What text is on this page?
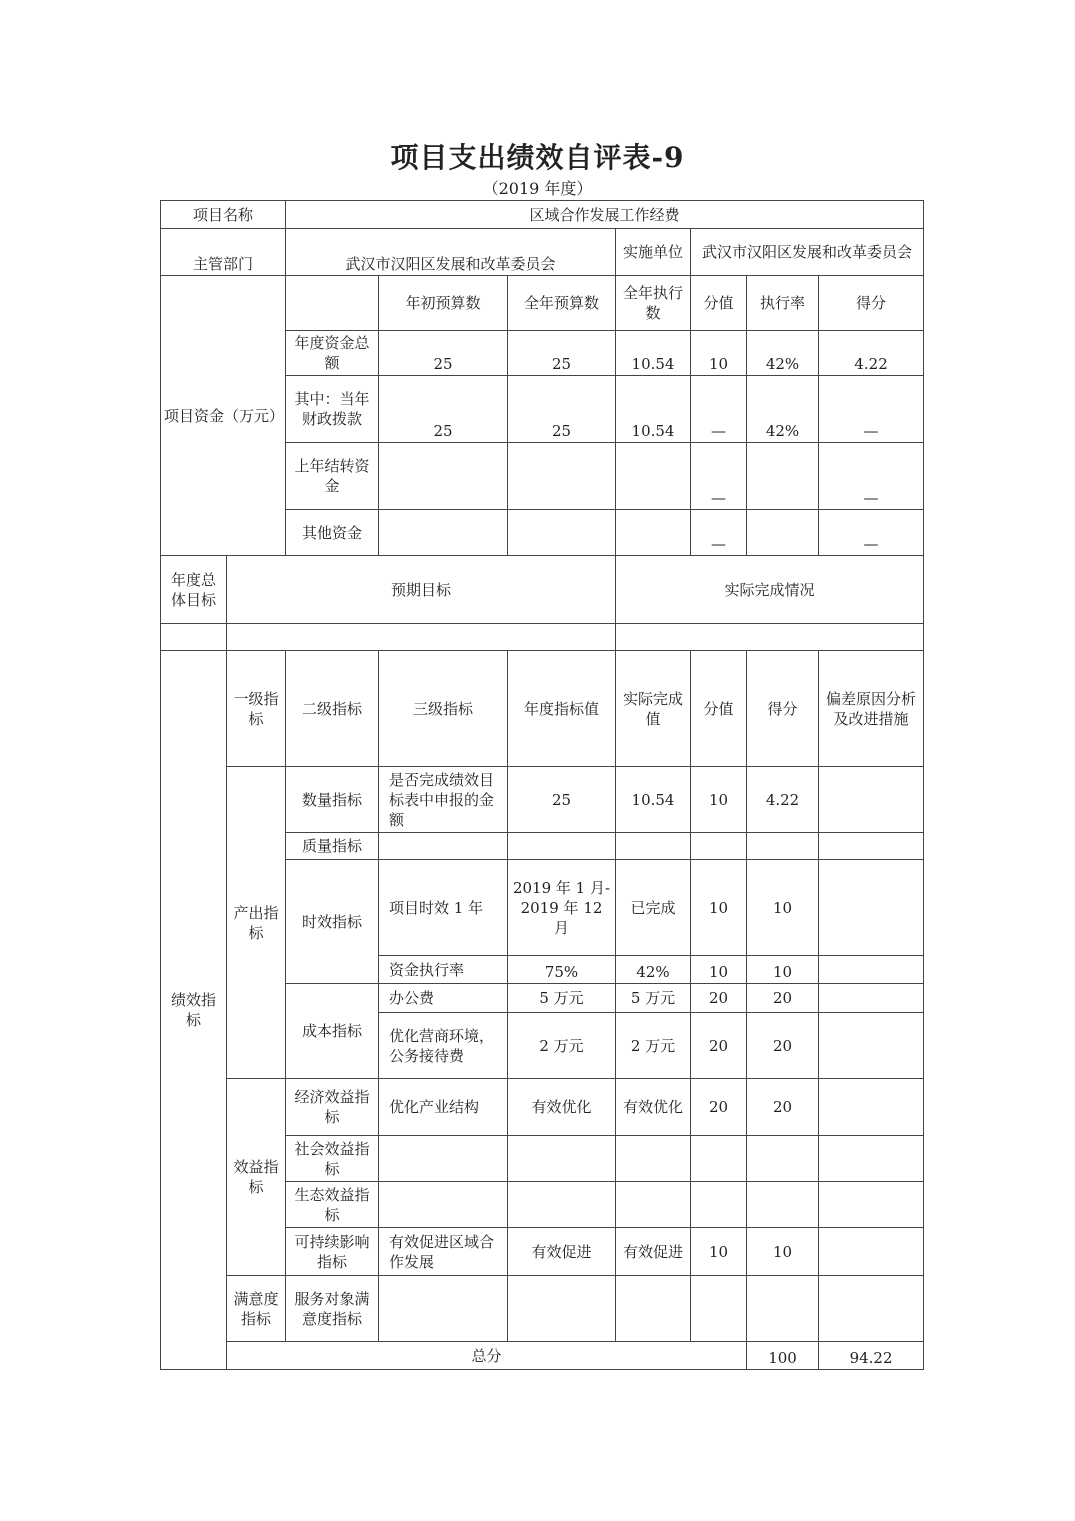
项目支出绩效自评表-9
（2019 年度）
项目名称		区域合作发展工作经费							
主管部门		武汉市汉阳区发展和改革委员会			实施单位	武汉市汉阳区发展和改革委员会			
项目资金（万元）			年初预算数	全年预算数	全年执行数	分值	执行率	得分	
		年度资金总额	25	25	10.54	10	42%	4.22	
		其中：当年财政拨款	25	25	10.54	—	42%	—	
		上年结转资金				—		—	
		其他资金				—		—	
年度总体目标	预期目标				实际完成情况				

绩效指标	一级指标	二级指标	三级指标	年度指标值	实际完成值	分值	得分	偏差原因分析及改进措施	
	产出指标	数量指标	是否完成绩效目标表中申报的金额	25	10.54	10	4.22		
		质量指标							
		时效指标	项目时效 1 年	2019 年 1 月-2019 年 12 月	已完成	10	10		
			资金执行率	75%	42%	10	10		
		成本指标	办公费	5 万元	5 万元	20	20		
			优化营商环境，公务接待费	2 万元	2 万元	20	20		
	效益指标	经济效益指标	优化产业结构	有效优化	有效优化	20	20		
		社会效益指标							
		生态效益指标							
		可持续影响指标	有效促进区域合作发展	有效促进	有效促进	10	10		
	满意度指标	服务对象满意度指标							
	总分						100	94.22	
